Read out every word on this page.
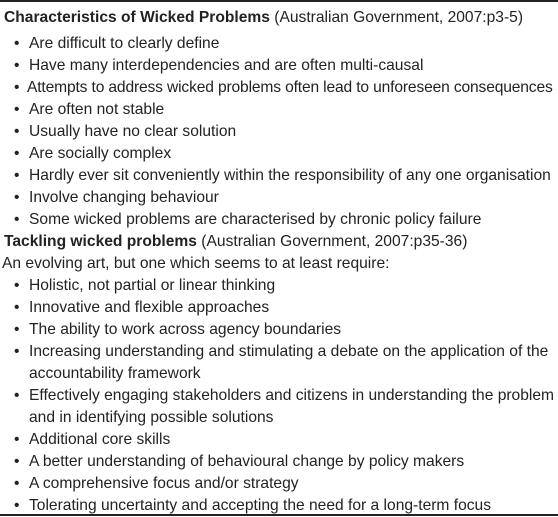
Characteristics of Wicked Problems (Australian Government, 2007:p3-5)
• Are difficult to clearly define
• Have many interdependencies and are often multi-causal
• Attempts to address wicked problems often lead to unforeseen consequences
• Are often not stable
• Usually have no clear solution
• Are socially complex
• Hardly ever sit conveniently within the responsibility of any one organisation
• Involve changing behaviour
• Some wicked problems are characterised by chronic policy failure
Tackling wicked problems (Australian Government, 2007:p35-36)
An evolving art, but one which seems to at least require:
• Holistic, not partial or linear thinking
• Innovative and flexible approaches
• The ability to work across agency boundaries
• Increasing understanding and stimulating a debate on the application of the accountability framework
• Effectively engaging stakeholders and citizens in understanding the problem and in identifying possible solutions
• Additional core skills
• A better understanding of behavioural change by policy makers
• A comprehensive focus and/or strategy
• Tolerating uncertainty and accepting the need for a long-term focus
